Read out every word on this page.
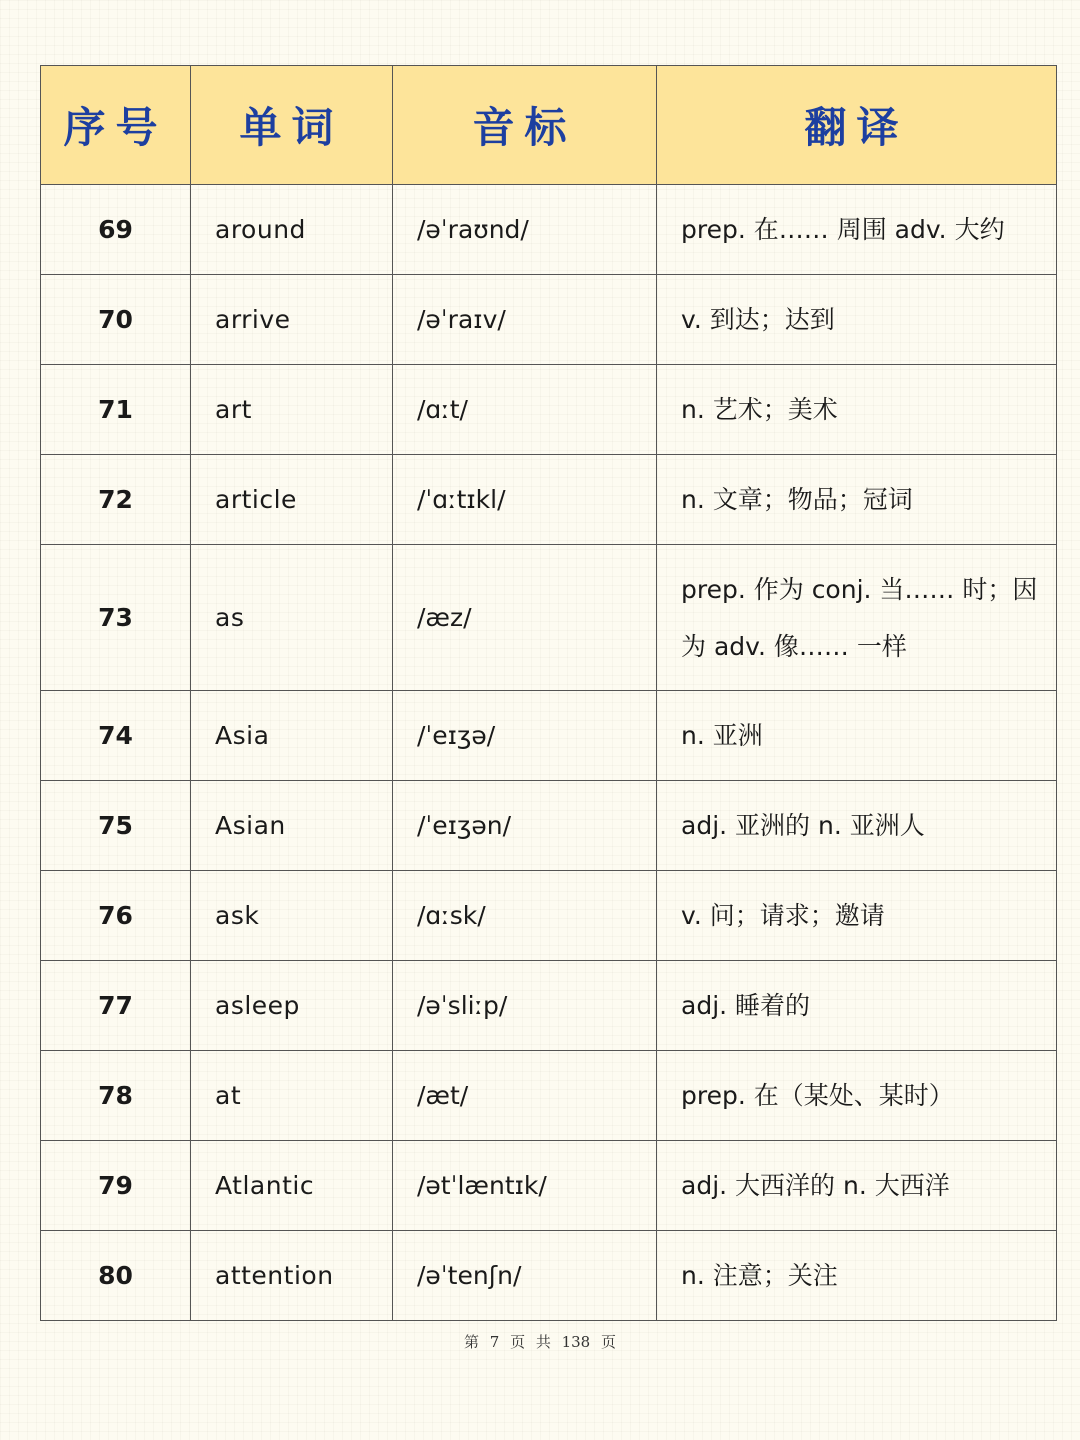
序号	单词	音标	翻译
69	around	/əˈraʊnd/	prep. 在…… 周围 adv. 大约
70	arrive	/əˈraɪv/	v. 到达；达到
71	art	/ɑːt/	n. 艺术；美术
72	article	/ˈɑːtɪkl/	n. 文章；物品；冠词
73	as	/æz/	prep. 作为 conj. 当…… 时；因为 adv. 像…… 一样
74	Asia	/ˈeɪʒə/	n. 亚洲
75	Asian	/ˈeɪʒən/	adj. 亚洲的 n. 亚洲人
76	ask	/ɑːsk/	v. 问；请求；邀请
77	asleep	/əˈsliːp/	adj. 睡着的
78	at	/æt/	prep. 在（某处、某时）
79	Atlantic	/ətˈlæntɪk/	adj. 大西洋的 n. 大西洋
80	attention	/əˈtenʃn/	n. 注意；关注
第 7 页 共 138 页
